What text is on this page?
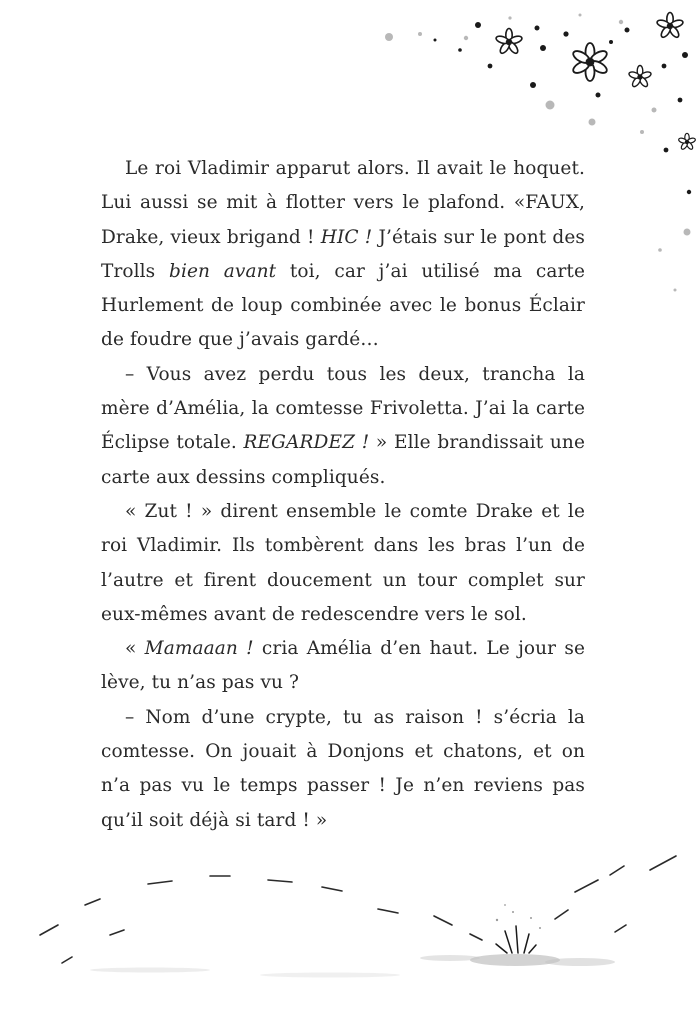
Le roi Vladimir apparut alors. Il avait le hoquet. Lui aussi se mit à flotter vers le plafond. «FAUX, Drake, vieux brigand ! HIC ! J’étais sur le pont des Trolls bien avant toi, car j’ai utilisé ma carte Hurlement de loup combinée avec le bonus Éclair de foudre que j’avais gardé…

– Vous avez perdu tous les deux, trancha la mère d’Amélia, la comtesse Frivoletta. J’ai la carte Éclipse totale. REGARDEZ ! » Elle brandissait une carte aux dessins compliqués.

« Zut ! » dirent ensemble le comte Drake et le roi Vladimir. Ils tombèrent dans les bras l’un de l’autre et firent doucement un tour complet sur eux-mêmes avant de redescendre vers le sol.

« Mamaaan ! cria Amélia d’en haut. Le jour se lève, tu n’as pas vu ?

– Nom d’une crypte, tu as raison ! s’écria la comtesse. On jouait à Donjons et chatons, et on n’a pas vu le temps passer ! Je n’en reviens pas qu’il soit déjà si tard ! »
